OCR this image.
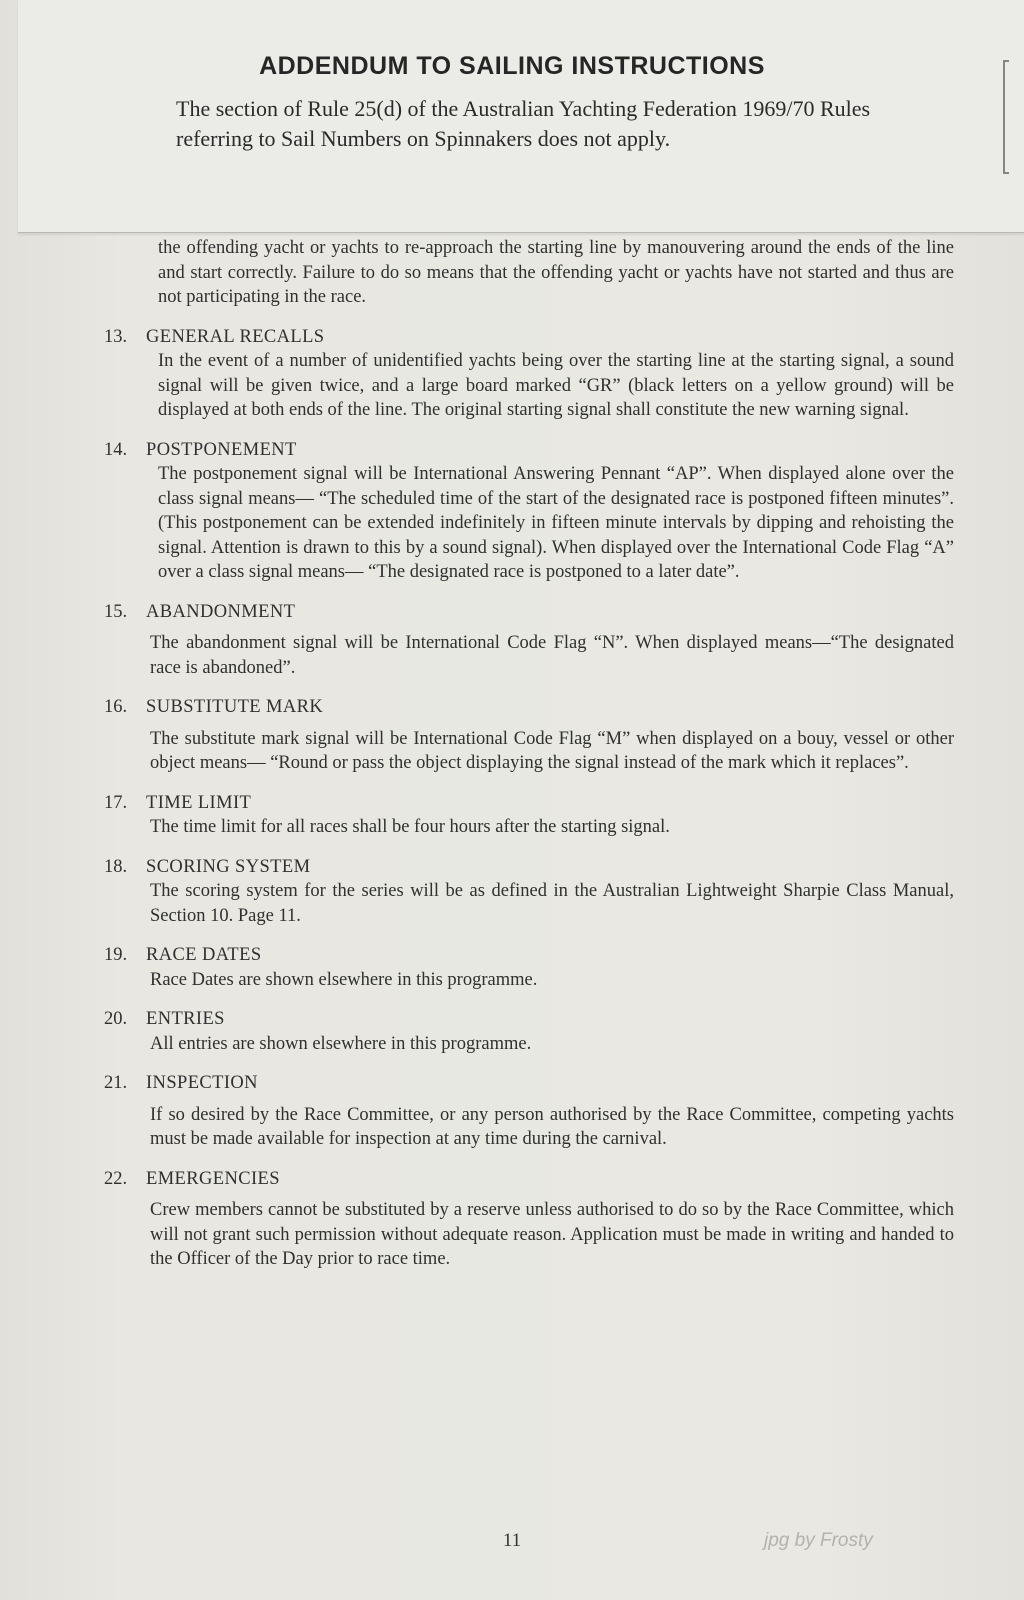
ADDENDUM TO SAILING INSTRUCTIONS
The section of Rule 25(d) of the Australian Yachting Federation 1969/70 Rules referring to Sail Numbers on Spinnakers does not apply.
the offending yacht or yachts to re-approach the starting line by manouvering around the ends of the line and start correctly. Failure to do so means that the offending yacht or yachts have not started and thus are not participating in the race.
13.	GENERAL RECALLS
In the event of a number of unidentified yachts being over the starting line at the starting signal, a sound signal will be given twice, and a large board marked “GR” (black letters on a yellow ground) will be displayed at both ends of the line. The original starting signal shall constitute the new warning signal.
14.	POSTPONEMENT
The postponement signal will be International Answering Pennant “AP”. When displayed alone over the class signal means— “The scheduled time of the start of the designated race is postponed fifteen minutes”. (This postponement can be extended indefinitely in fifteen minute intervals by dipping and rehoisting the signal. Attention is drawn to this by a sound signal). When displayed over the International Code Flag “A” over a class signal means— “The designated race is postponed to a later date”.
15.	ABANDONMENT
The abandonment signal will be International Code Flag “N”. When displayed means—“The designated race is abandoned”.
16.	SUBSTITUTE MARK
The substitute mark signal will be International Code Flag “M” when displayed on a bouy, vessel or other object means— “Round or pass the object displaying the signal instead of the mark which it replaces”.
17.	TIME LIMIT
The time limit for all races shall be four hours after the starting signal.
18.	SCORING SYSTEM
The scoring system for the series will be as defined in the Australian Lightweight Sharpie Class Manual, Section 10. Page 11.
19.	RACE DATES
Race Dates are shown elsewhere in this programme.
20.	ENTRIES
All entries are shown elsewhere in this programme.
21.	INSPECTION
If so desired by the Race Committee, or any person authorised by the Race Committee, competing yachts must be made available for inspection at any time during the carnival.
22.	EMERGENCIES
Crew members cannot be substituted by a reserve unless authorised to do so by the Race Committee, which will not grant such permission without adequate reason. Application must be made in writing and handed to the Officer of the Day prior to race time.
11	jpg by Frosty
